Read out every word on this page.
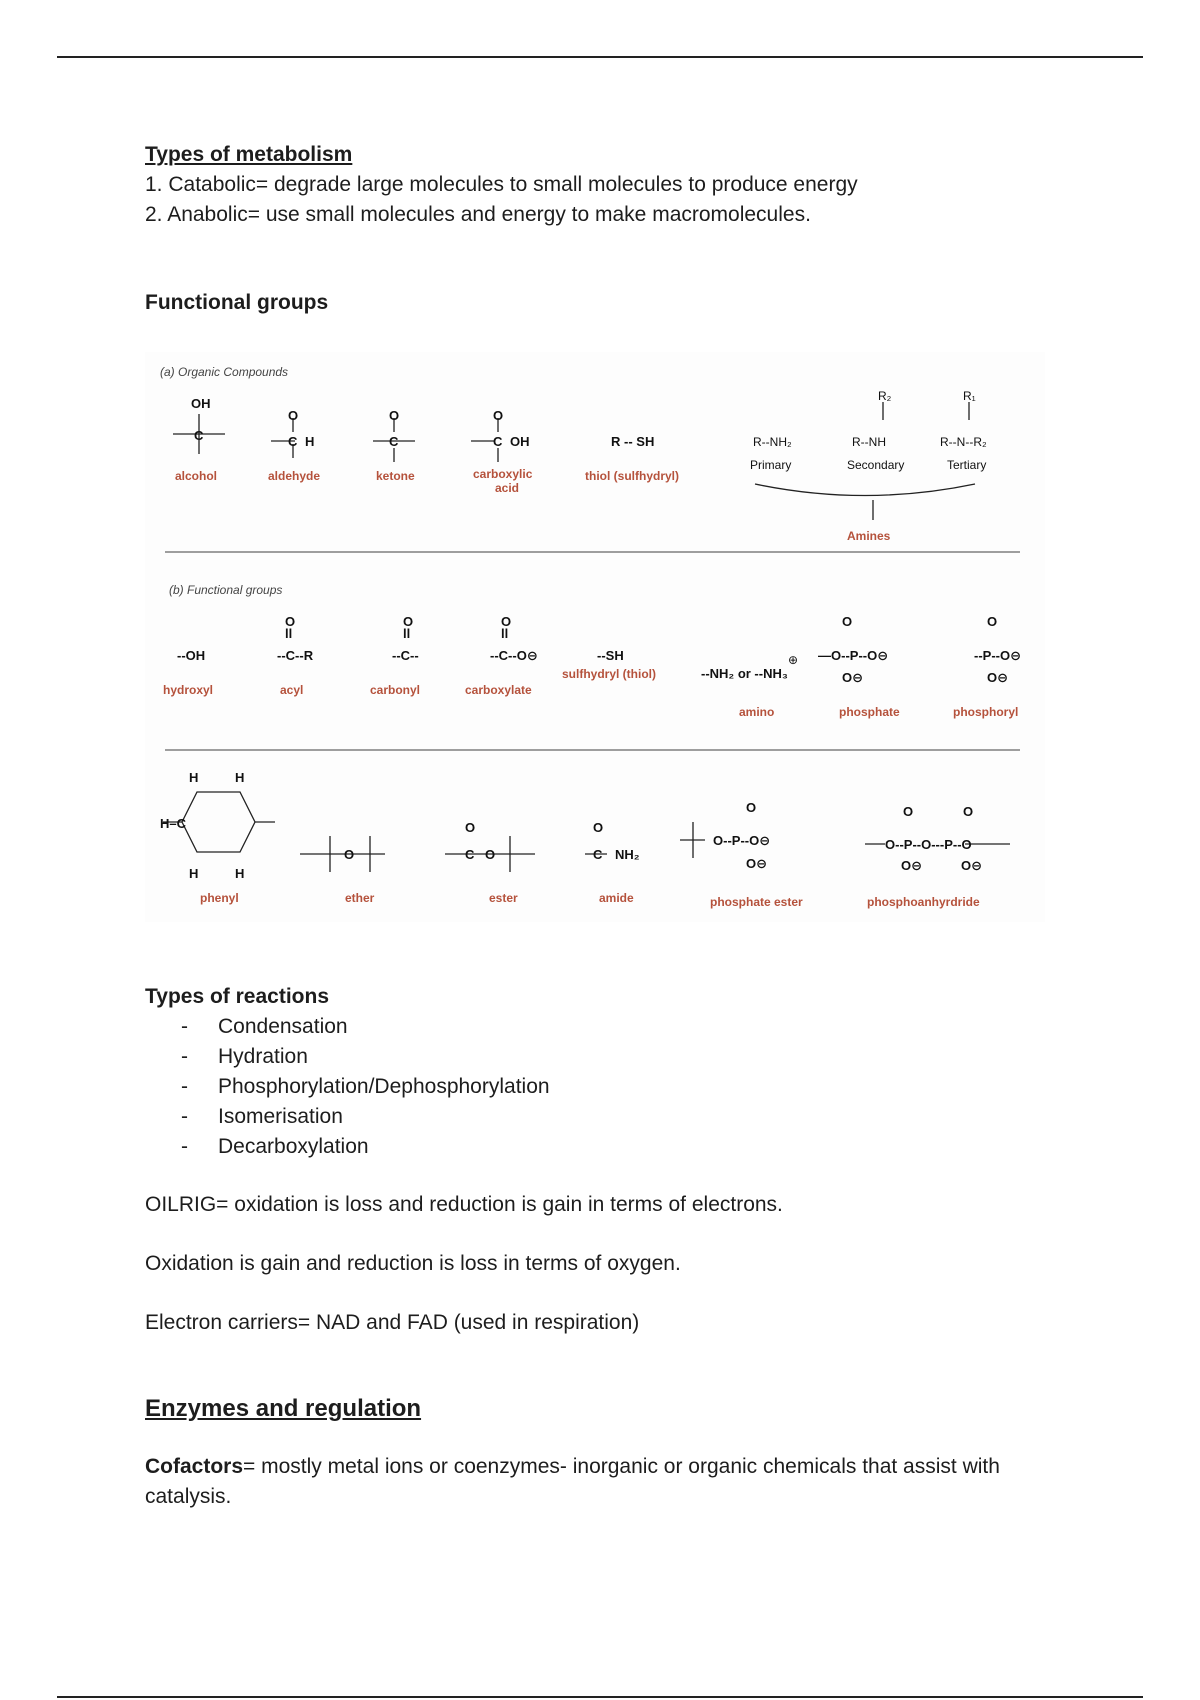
Types of metabolism

1. Catabolic= degrade large molecules to small molecules to produce energy

2. Anabolic= use small molecules and energy to make macromolecules.

Functional groups

(a) Organic Compounds
(b) Functional groups
OH
C
O
C H
O
C
O
C OH	R -- SH	R--NH₂	R--NH
R₂
R--N--R₂
R₁
alcohol	aldehyde	ketone	carboxylic
acid
thiol (sulfhydryl)
Primary	Secondary	Tertiary
Amines
--OH
O
ll
--C--R
O
ll
--C--
O
ll
--C--O⊖	--SH
--NH₂ or --NH₃
⊕
O
—O--P--O⊖
O⊖
O
--P--O⊖
O⊖
hydroxyl	acyl	carbonyl	carboxylate
sulfhydryl (thiol)
amino	phosphate	phosphoryl
H	H
H–C
H	H
O
O
C O
O
C NH₂
O--P--O⊖
O
O⊖
O--P--O---P--O
O	O
O⊖	O⊖
phenyl	ether	ester	amide	phosphate ester	phosphoanhyrdride

Types of reactions

- Condensation
- Hydration
- Phosphorylation/Dephosphorylation
- Isomerisation
- Decarboxylation

OILRIG= oxidation is loss and reduction is gain in terms of electrons.

Oxidation is gain and reduction is loss in terms of oxygen.

Electron carriers= NAD and FAD (used in respiration)

Enzymes and regulation

Cofactors= mostly metal ions or coenzymes- inorganic or organic chemicals that assist with catalysis.
